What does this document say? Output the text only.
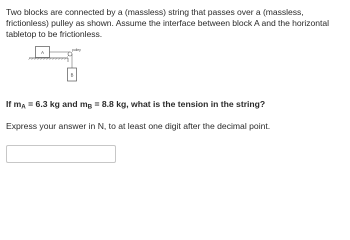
Two blocks are connected by a (massless) string that passes over a (massless, frictionless) pulley as shown. Assume the interface between block A and the horizontal tabletop to be frictionless.

A	pulley
B

If $m_A = 6.3$ kg and $m_B = 8.8$ kg, what is the tension in the string?

Express your answer in N, to at least one digit after the decimal point.
